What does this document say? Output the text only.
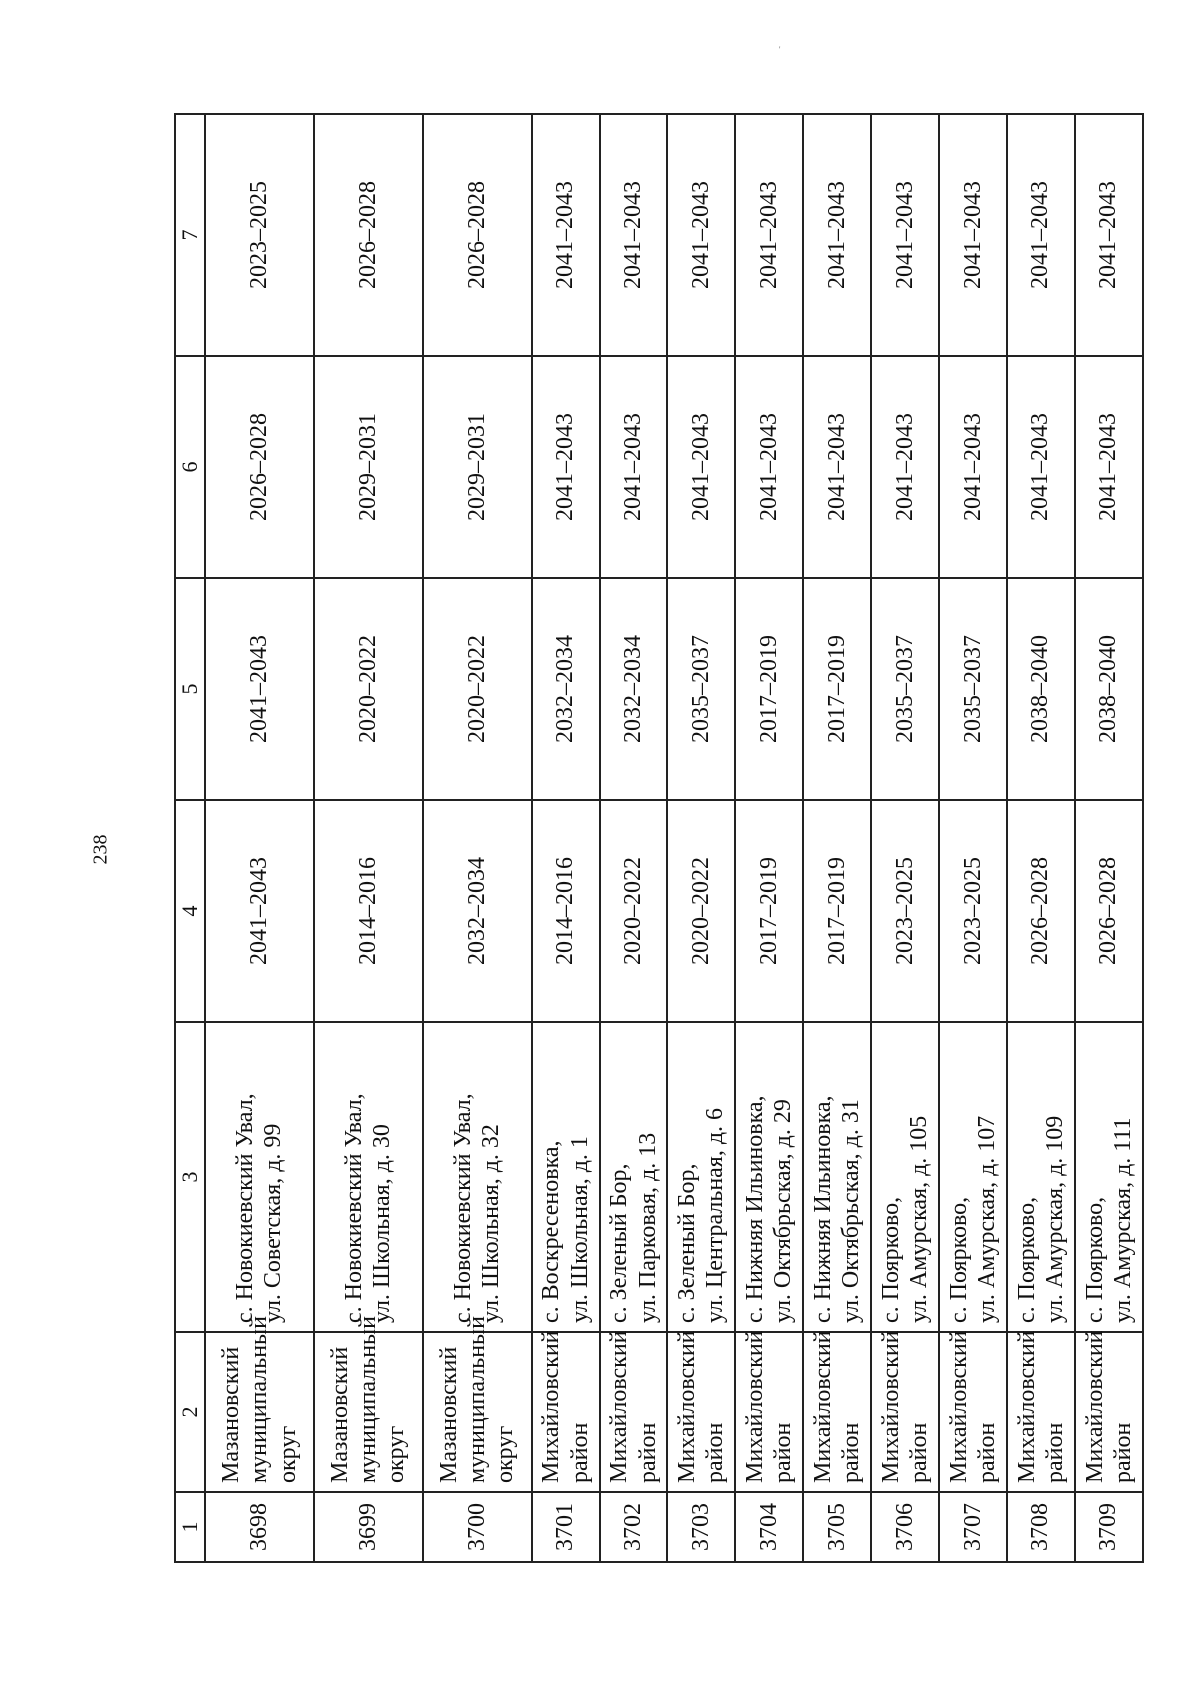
238
'
1	2	3	4	5	6	7
3698	Мазановский муниципальный округ	с. Новокиевский Увал, ул. Советская, д. 99	2041–2043	2041–2043	2026–2028	2023–2025
3699	Мазановский муниципальный округ	с. Новокиевский Увал, ул. Школьная, д. 30	2014–2016	2020–2022	2029–2031	2026–2028
3700	Мазановский муниципальный округ	с. Новокиевский Увал, ул. Школьная, д. 32	2032–2034	2020–2022	2029–2031	2026–2028
3701	Михайловский район	с. Воскресеновка, ул. Школьная, д. 1	2014–2016	2032–2034	2041–2043	2041–2043
3702	Михайловский район	с. Зеленый Бор, ул. Парковая, д. 13	2020–2022	2032–2034	2041–2043	2041–2043
3703	Михайловский район	с. Зеленый Бор, ул. Центральная, д. 6	2020–2022	2035–2037	2041–2043	2041–2043
3704	Михайловский район	с. Нижняя Ильиновка, ул. Октябрьская, д. 29	2017–2019	2017–2019	2041–2043	2041–2043
3705	Михайловский район	с. Нижняя Ильиновка, ул. Октябрьская, д. 31	2017–2019	2017–2019	2041–2043	2041–2043
3706	Михайловский район	с. Поярково, ул. Амурская, д. 105	2023–2025	2035–2037	2041–2043	2041–2043
3707	Михайловский район	с. Поярково, ул. Амурская, д. 107	2023–2025	2035–2037	2041–2043	2041–2043
3708	Михайловский район	с. Поярково, ул. Амурская, д. 109	2026–2028	2038–2040	2041–2043	2041–2043
3709	Михайловский район	с. Поярково, ул. Амурская, д. 111	2026–2028	2038–2040	2041–2043	2041–2043
